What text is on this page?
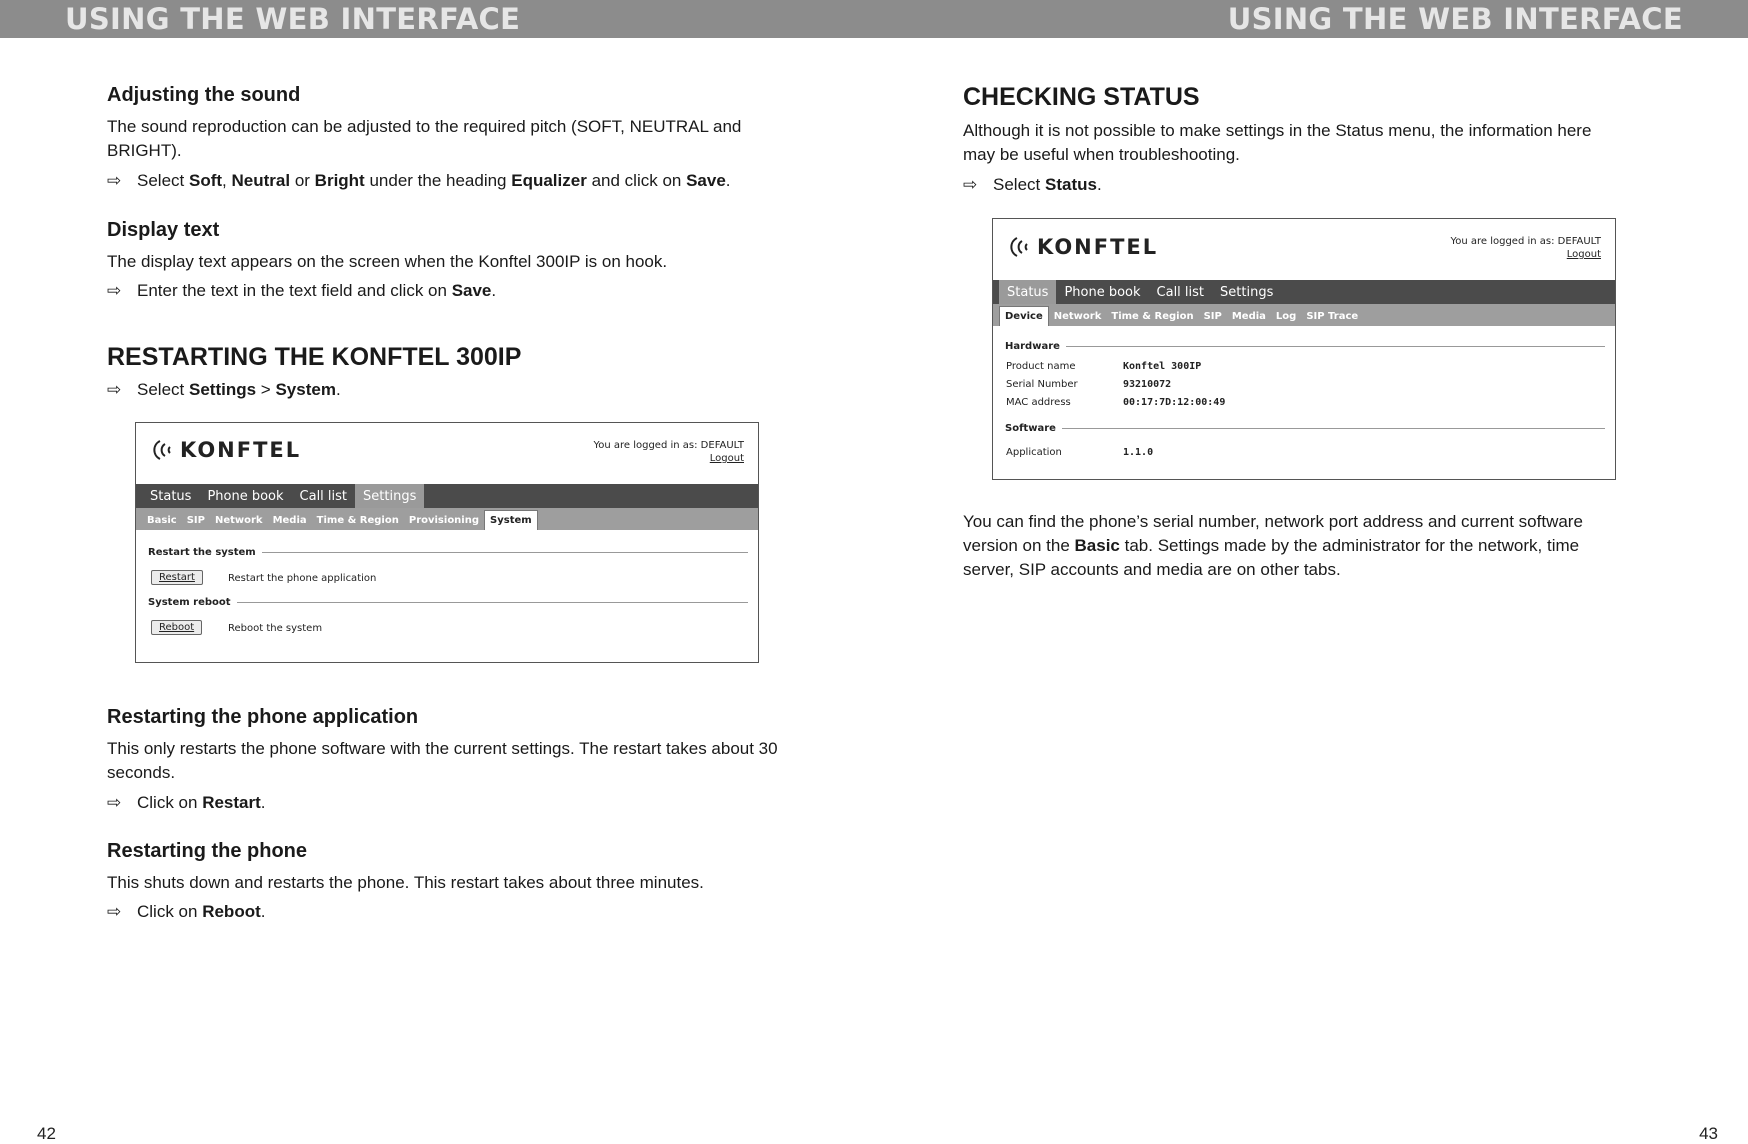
USING THE WEB INTERFACE	USING THE WEB INTERFACE
Adjusting the sound

The sound reproduction can be adjusted to the required pitch (SOFT, NEUTRAL and BRIGHT).

⇨ Select Soft, Neutral or Bright under the heading Equalizer and click on Save.
Display text

The display text appears on the screen when the Konftel 300IP is on hook.

⇨ Enter the text in the text field and click on Save.
RESTARTING THE KONFTEL 300IP
⇨ Select Settings > System.
KONFTEL	You are logged in as: DEFAULT
Logout
Status	Phone book	Call list	Settings
Basic	SIP	Network	Media	Time & Region	Provisioning	System
Restart the system
Restart	Restart the phone application
System reboot
Reboot	Reboot the system
Restarting the phone application

This only restarts the phone software with the current settings. The restart takes about 30 seconds.

⇨ Click on Restart.
Restarting the phone

This shuts down and restarts the phone. This restart takes about three minutes.

⇨ Click on Reboot.
CHECKING STATUS

Although it is not possible to make settings in the Status menu, the information here may be useful when troubleshooting.

⇨ Select Status.
KONFTEL	You are logged in as: DEFAULT
Logout
Status	Phone book	Call list	Settings
Device	Network	Time & Region	SIP	Media	Log	SIP Trace
Hardware
Product name	Konftel 300IP
Serial Number	93210072
MAC address	00:17:7D:12:00:49
Software
Application	1.1.0

You can find the phone’s serial number, network port address and current software version on the Basic tab. Settings made by the administrator for the network, time server, SIP accounts and media are on other tabs.

42	43
